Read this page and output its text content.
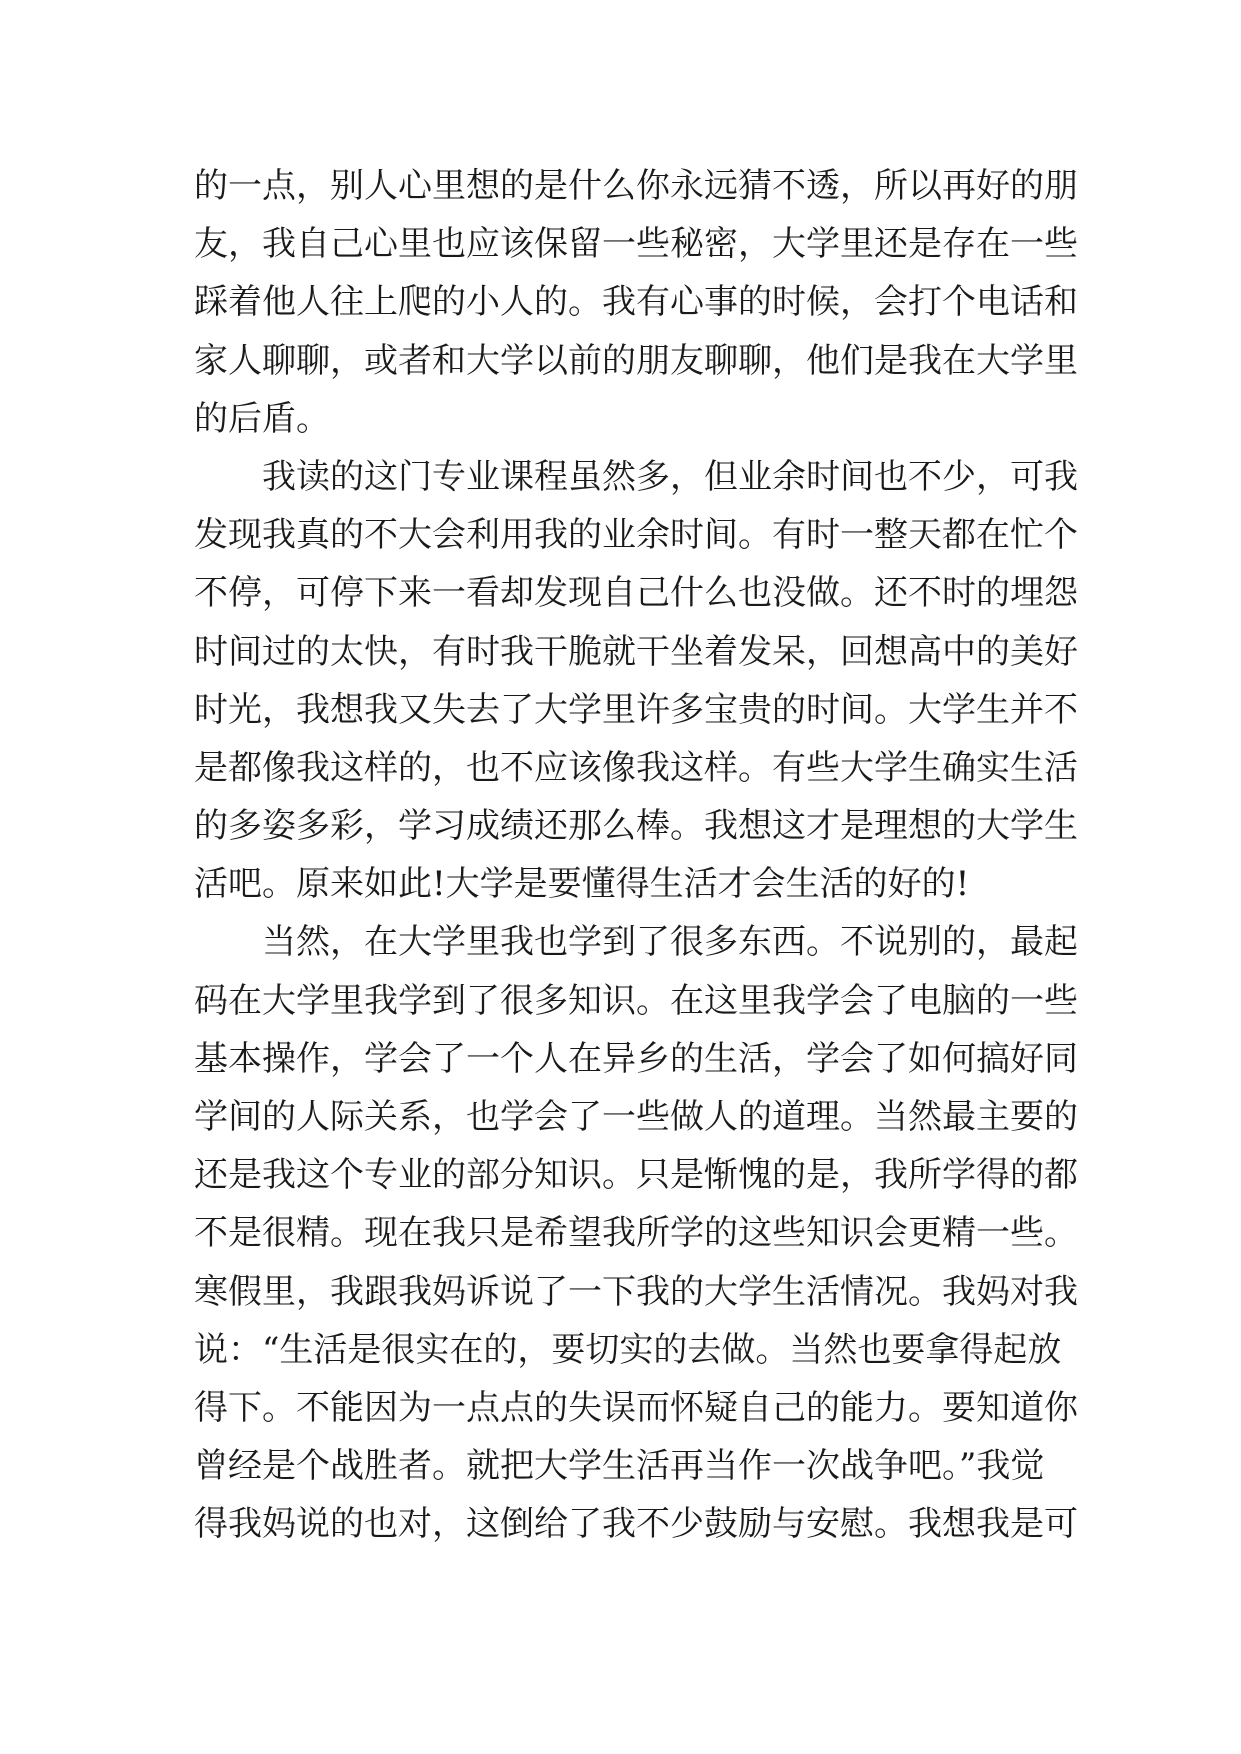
的一点，别人心里想的是什么你永远猜不透，所以再好的朋
友，我自己心里也应该保留一些秘密，大学里还是存在一些
踩着他人往上爬的小人的。我有心事的时候，会打个电话和
家人聊聊，或者和大学以前的朋友聊聊，他们是我在大学里
的后盾。
我读的这门专业课程虽然多，但业余时间也不少，可我
发现我真的不大会利用我的业余时间。有时一整天都在忙个
不停，可停下来一看却发现自己什么也没做。还不时的埋怨
时间过的太快，有时我干脆就干坐着发呆，回想高中的美好
时光，我想我又失去了大学里许多宝贵的时间。大学生并不
是都像我这样的，也不应该像我这样。有些大学生确实生活
的多姿多彩，学习成绩还那么棒。我想这才是理想的大学生
活吧。原来如此!大学是要懂得生活才会生活的好的!
当然，在大学里我也学到了很多东西。不说别的，最起
码在大学里我学到了很多知识。在这里我学会了电脑的一些
基本操作，学会了一个人在异乡的生活，学会了如何搞好同
学间的人际关系，也学会了一些做人的道理。当然最主要的
还是我这个专业的部分知识。只是惭愧的是，我所学得的都
不是很精。现在我只是希望我所学的这些知识会更精一些。
寒假里，我跟我妈诉说了一下我的大学生活情况。我妈对我
说：“生活是很实在的，要切实的去做。当然也要拿得起放
得下。不能因为一点点的失误而怀疑自己的能力。要知道你
曾经是个战胜者。就把大学生活再当作一次战争吧。”我觉
得我妈说的也对，这倒给了我不少鼓励与安慰。我想我是可
